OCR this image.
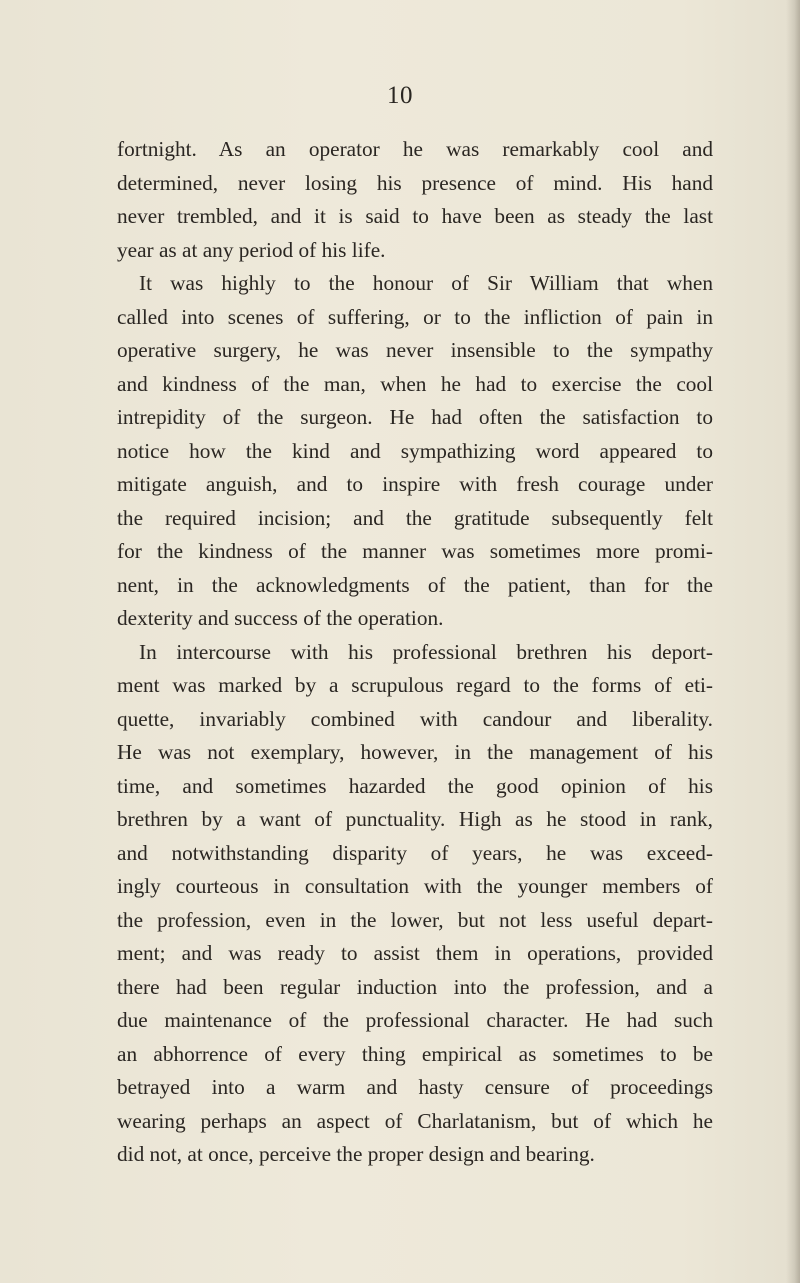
10
fortnight. As an operator he was remarkably cool and
determined, never losing his presence of mind. His hand
never trembled, and it is said to have been as steady the last
year as at any period of his life.
It was highly to the honour of Sir William that when
called into scenes of suffering, or to the infliction of pain in
operative surgery, he was never insensible to the sympathy
and kindness of the man, when he had to exercise the cool
intrepidity of the surgeon. He had often the satisfaction to
notice how the kind and sympathizing word appeared to
mitigate anguish, and to inspire with fresh courage under
the required incision; and the gratitude subsequently felt
for the kindness of the manner was sometimes more promi-
nent, in the acknowledgments of the patient, than for the
dexterity and success of the operation.
In intercourse with his professional brethren his deport-
ment was marked by a scrupulous regard to the forms of eti-
quette, invariably combined with candour and liberality.
He was not exemplary, however, in the management of his
time, and sometimes hazarded the good opinion of his
brethren by a want of punctuality. High as he stood in rank,
and notwithstanding disparity of years, he was exceed-
ingly courteous in consultation with the younger members of
the profession, even in the lower, but not less useful depart-
ment; and was ready to assist them in operations, provided
there had been regular induction into the profession, and a
due maintenance of the professional character. He had such
an abhorrence of every thing empirical as sometimes to be
betrayed into a warm and hasty censure of proceedings
wearing perhaps an aspect of Charlatanism, but of which he
did not, at once, perceive the proper design and bearing.
